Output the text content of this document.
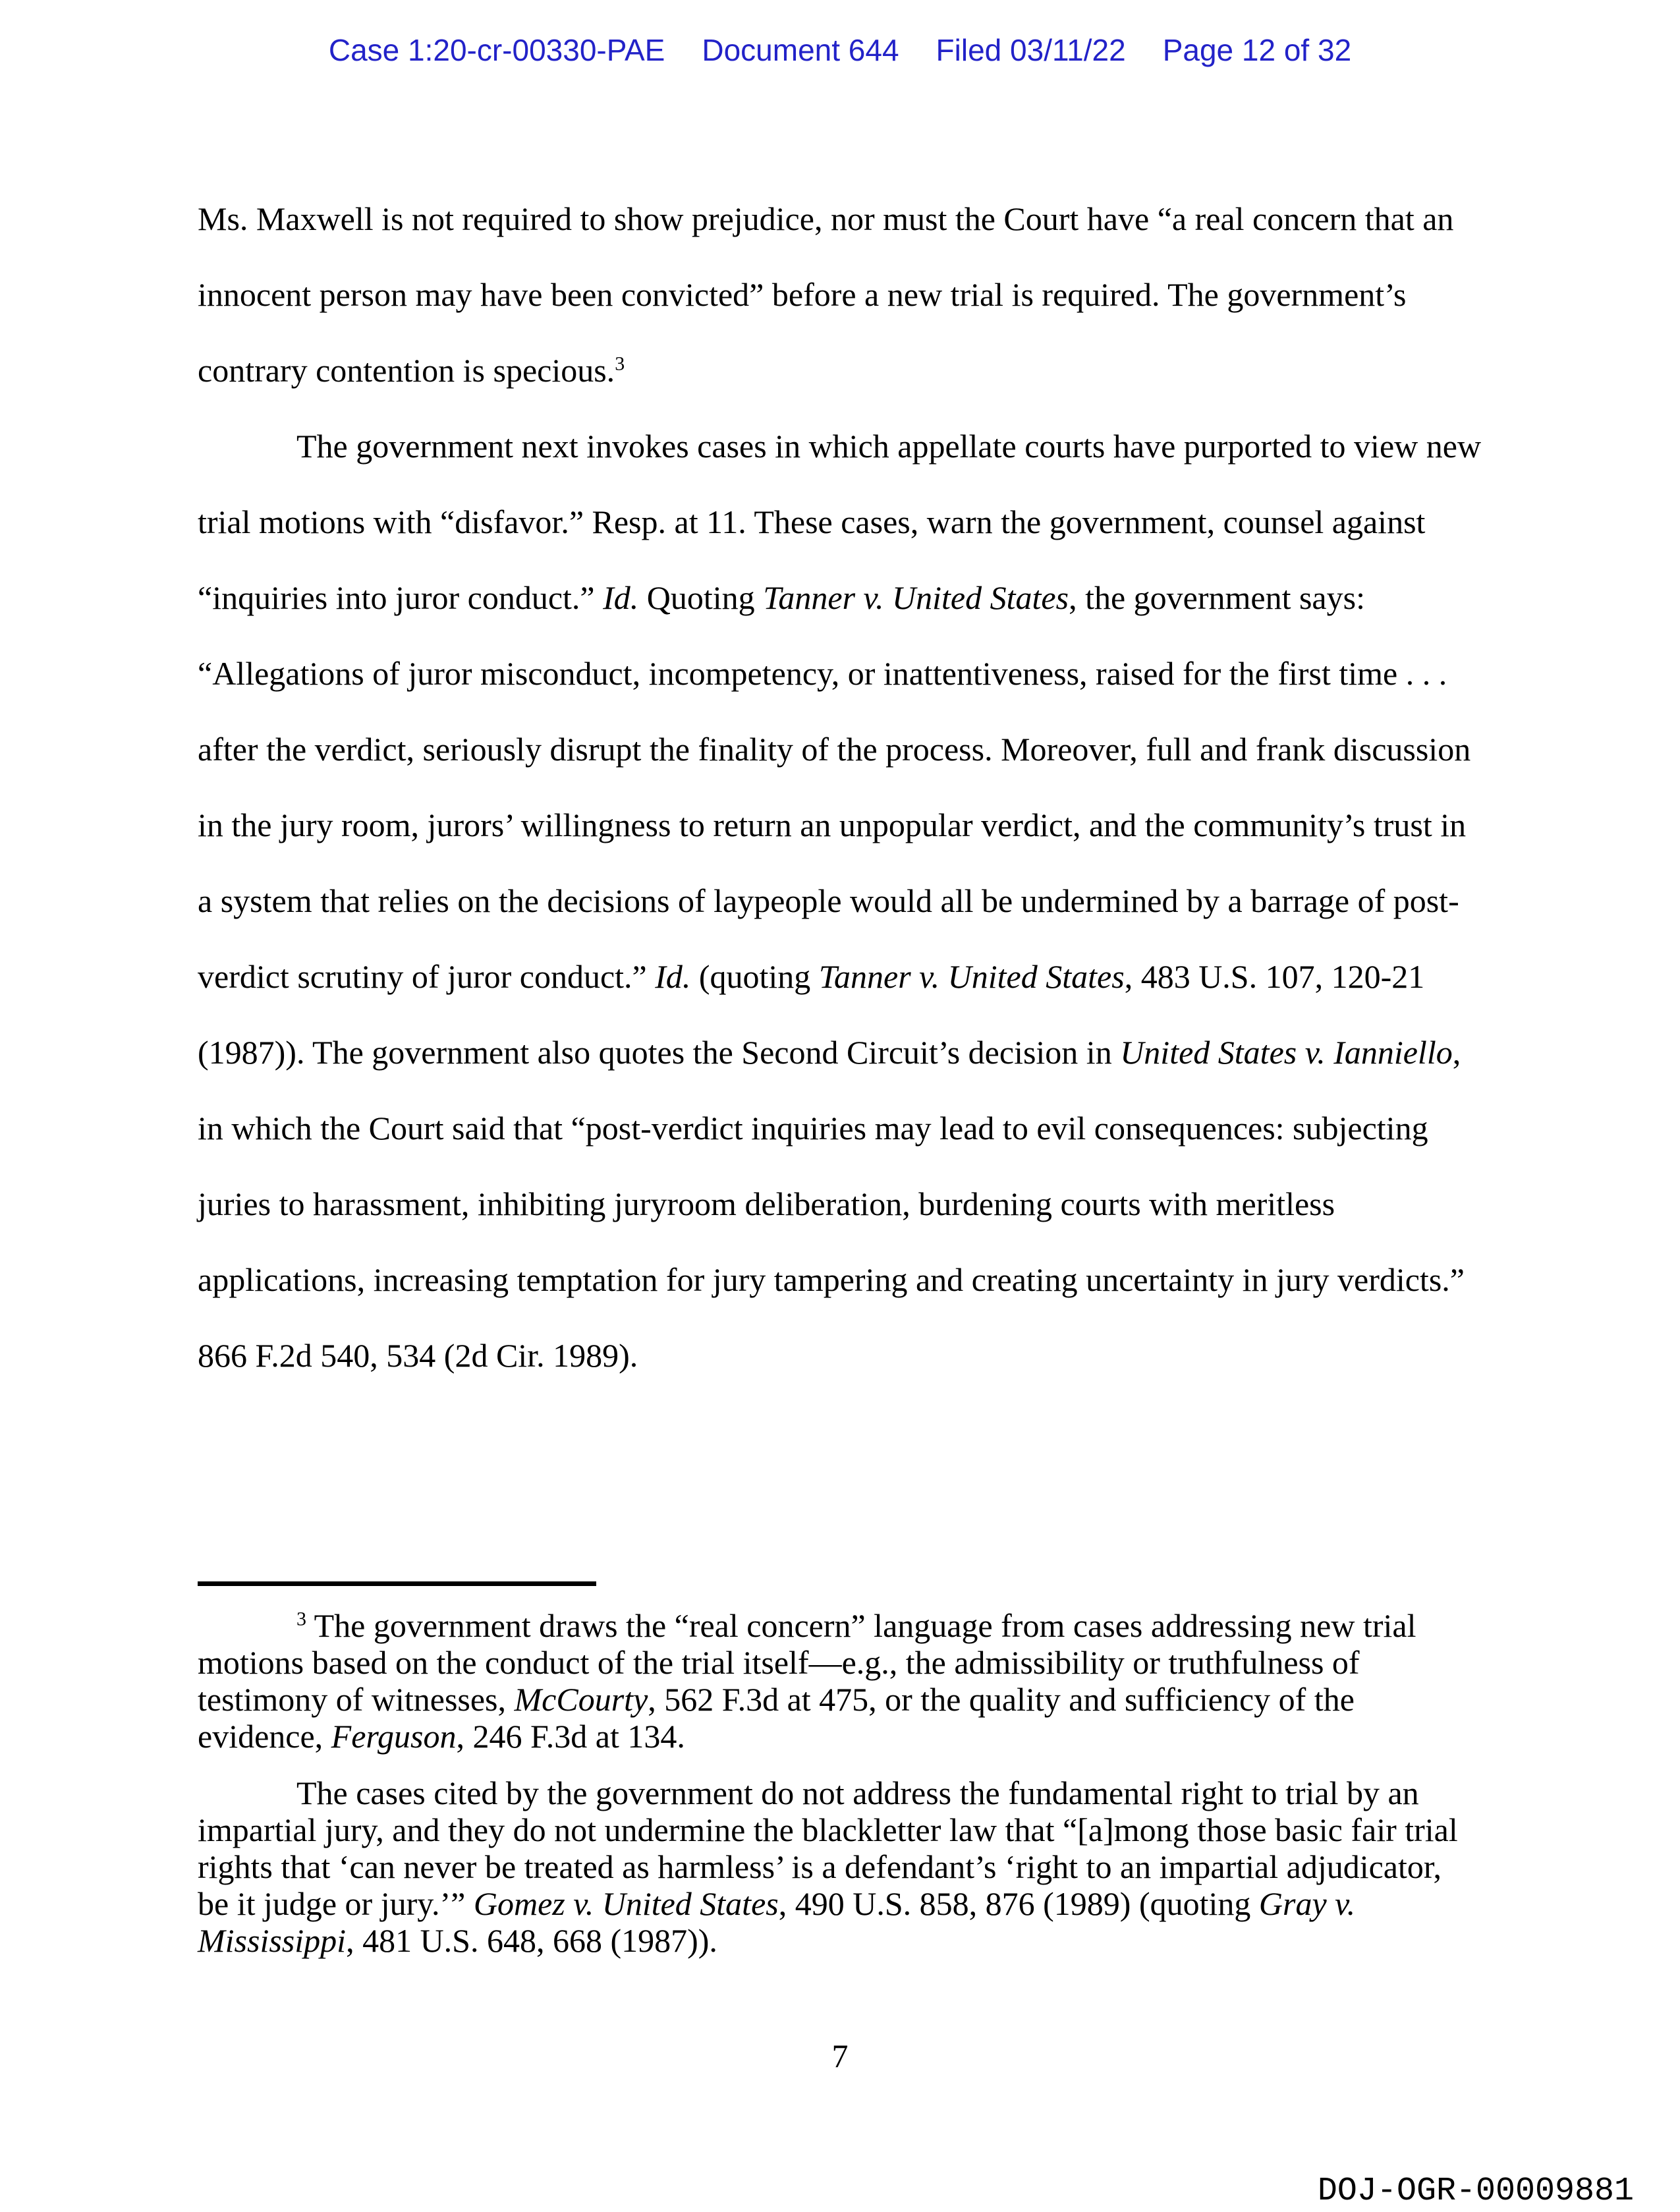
Case 1:20-cr-00330-PAE Document 644 Filed 03/11/22 Page 12 of 32
Ms. Maxwell is not required to show prejudice, nor must the Court have “a real concern that an
innocent person may have been convicted” before a new trial is required. The government’s
contrary contention is specious.$^3$
The government next invokes cases in which appellate courts have purported to view new
trial motions with “disfavor.” Resp. at 11. These cases, warn the government, counsel against
“inquiries into juror conduct.” Id. Quoting Tanner v. United States, the government says:
“Allegations of juror misconduct, incompetency, or inattentiveness, raised for the first time . . .
after the verdict, seriously disrupt the finality of the process. Moreover, full and frank discussion
in the jury room, jurors’ willingness to return an unpopular verdict, and the community’s trust in
a system that relies on the decisions of laypeople would all be undermined by a barrage of post-
verdict scrutiny of juror conduct.” Id. (quoting Tanner v. United States, 483 U.S. 107, 120-21
(1987)). The government also quotes the Second Circuit’s decision in United States v. Ianniello,
in which the Court said that “post-verdict inquiries may lead to evil consequences: subjecting
juries to harassment, inhibiting juryroom deliberation, burdening courts with meritless
applications, increasing temptation for jury tampering and creating uncertainty in jury verdicts.”
866 F.2d 540, 534 (2d Cir. 1989).
$^3$ The government draws the “real concern” language from cases addressing new trial
motions based on the conduct of the trial itself—e.g., the admissibility or truthfulness of
testimony of witnesses, McCourty, 562 F.3d at 475, or the quality and sufficiency of the
evidence, Ferguson, 246 F.3d at 134.
The cases cited by the government do not address the fundamental right to trial by an
impartial jury, and they do not undermine the blackletter law that “[a]mong those basic fair trial
rights that ‘can never be treated as harmless’ is a defendant’s ‘right to an impartial adjudicator,
be it judge or jury.’” Gomez v. United States, 490 U.S. 858, 876 (1989) (quoting Gray v.
Mississippi, 481 U.S. 648, 668 (1987)).
7
DOJ-OGR-00009881
